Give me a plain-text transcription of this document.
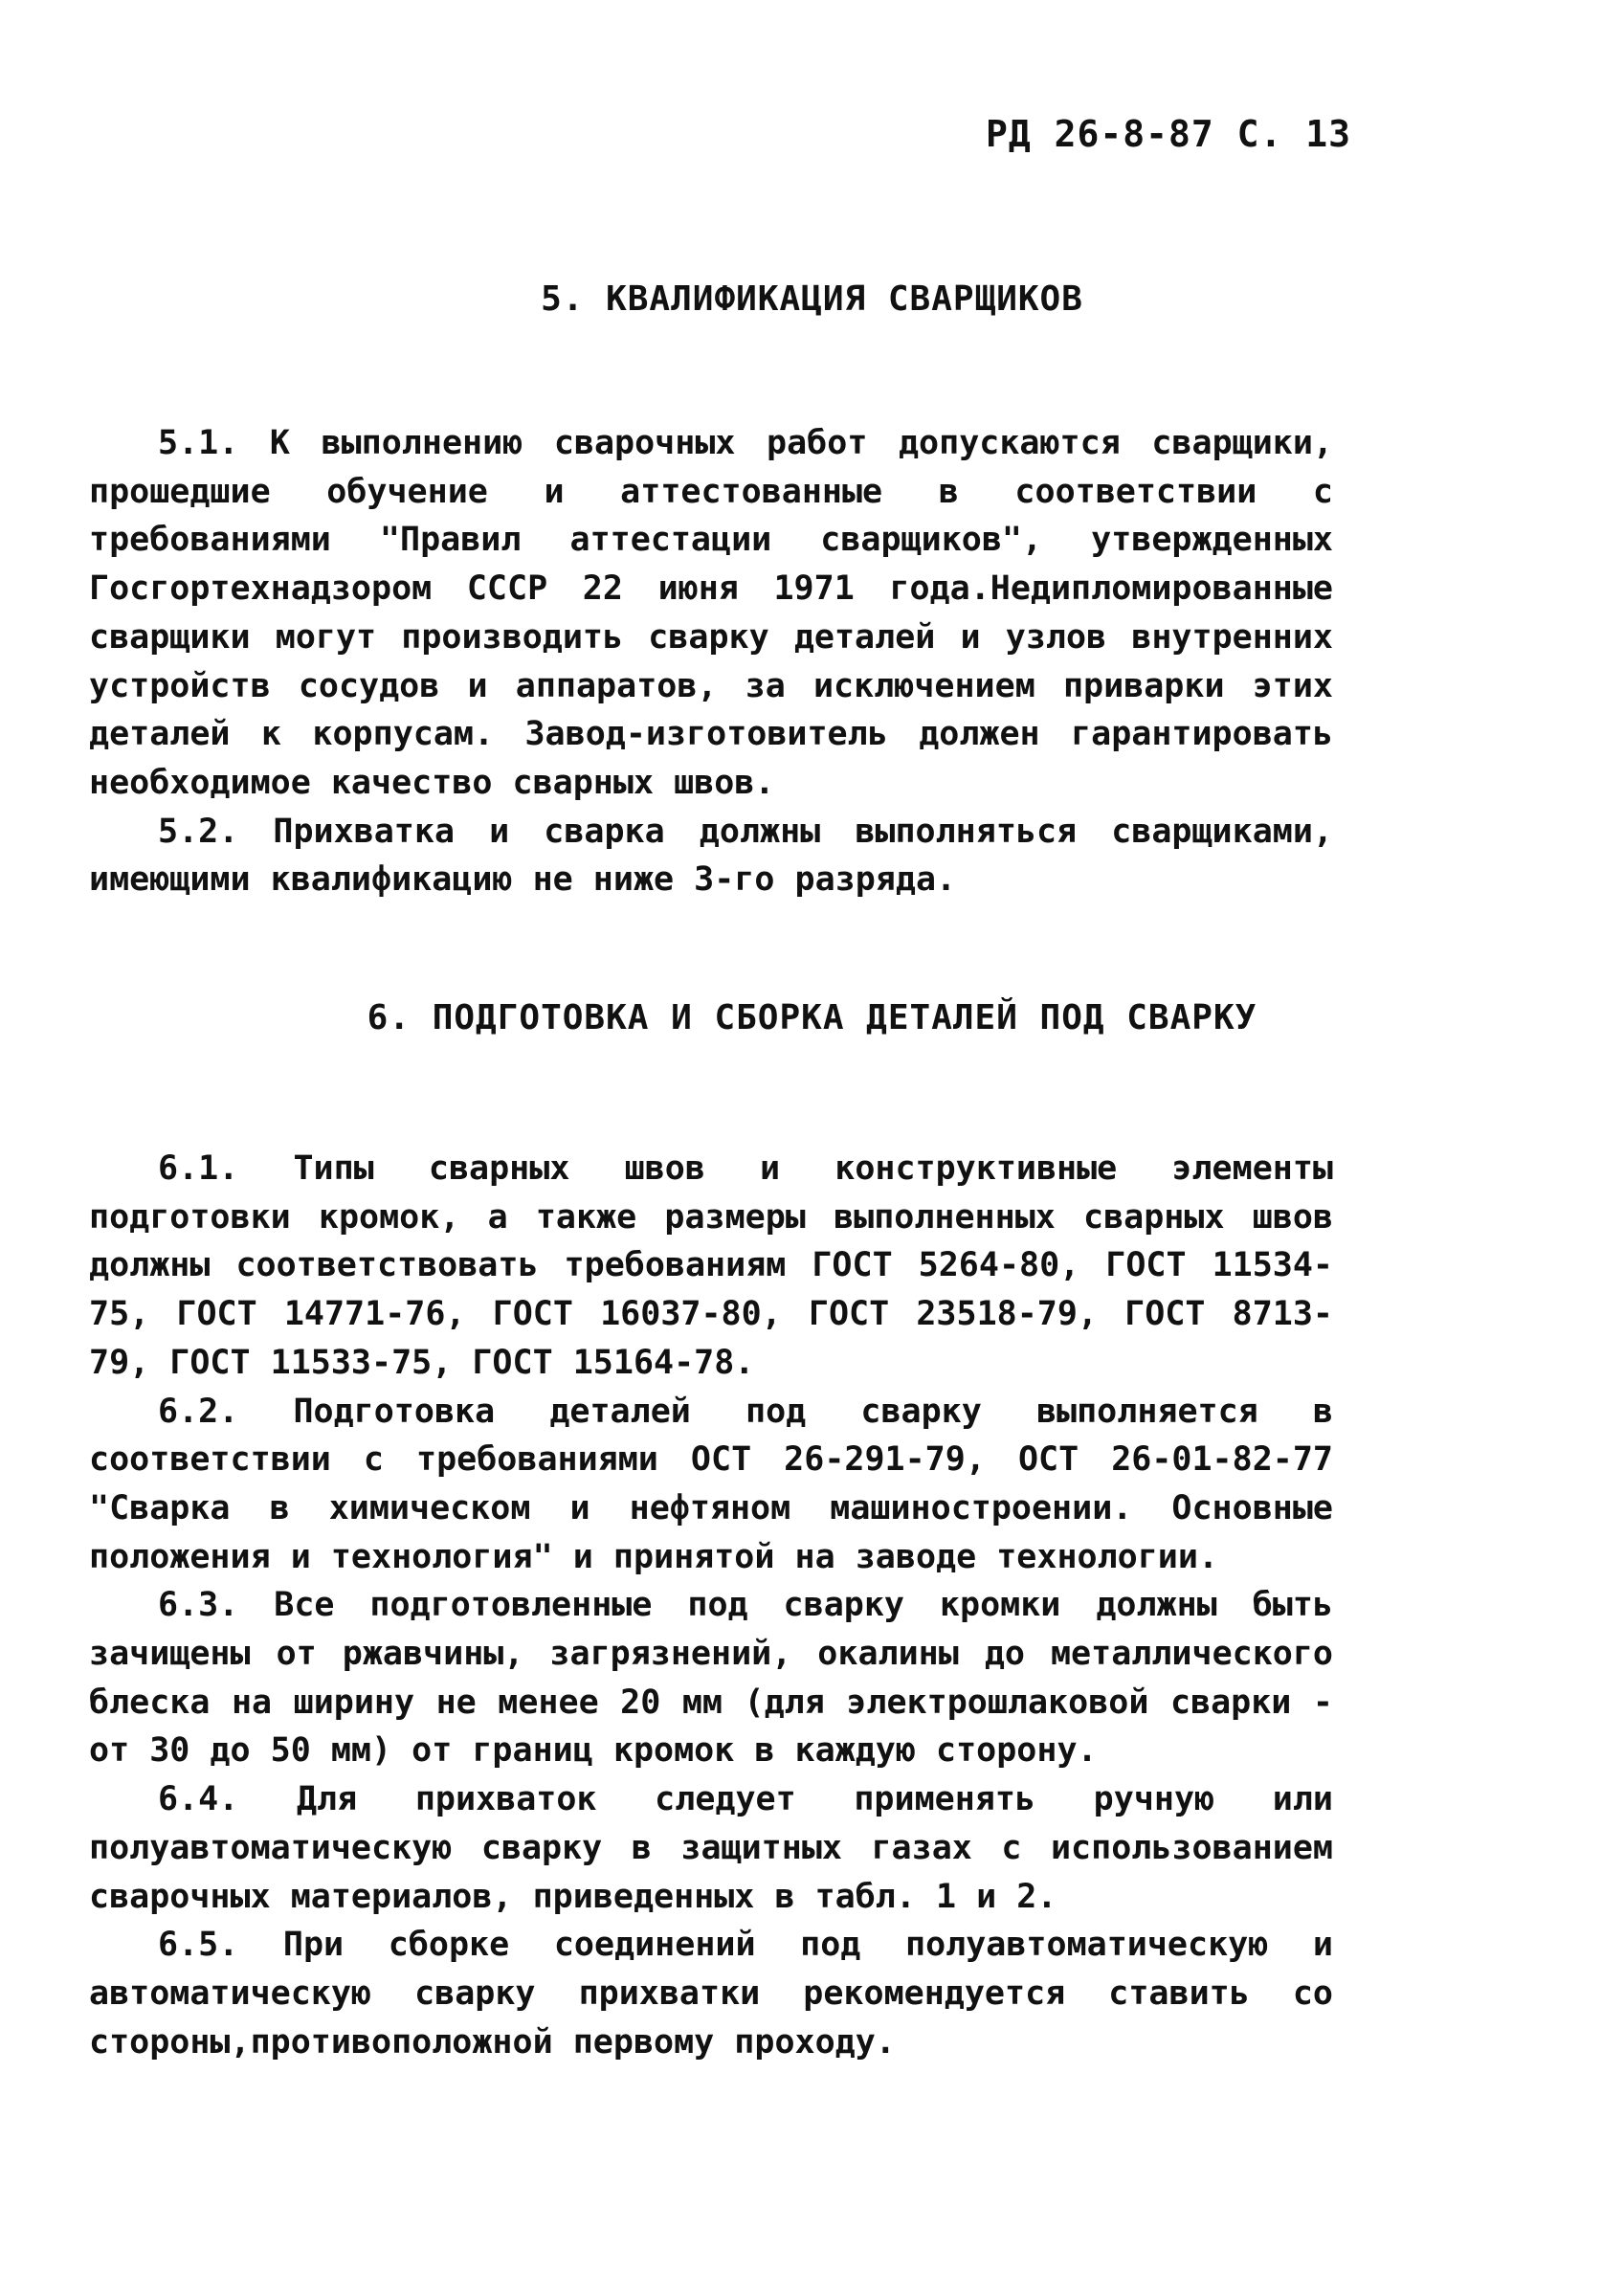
РД 26-8-87 С. 13
5. КВАЛИФИКАЦИЯ СВАРЩИКОВ

5.1. К выполнению сварочных работ допускаются сварщики, прошедшие обучение и аттестованные в соответствии с требованиями "Правил аттестации сварщиков", утвержденных Госгортехнадзором СССР 22 июня 1971 года.Недипломированные сварщики могут производить сварку деталей и узлов внутренних устройств сосудов и аппаратов, за исключением приварки этих деталей к корпусам. Завод-изготовитель должен гарантировать необходимое качество сварных швов.

5.2. Прихватка и сварка должны выполняться сварщиками, имеющими квалификацию не ниже 3-го разряда.

6. ПОДГОТОВКА И СБОРКА ДЕТАЛЕЙ ПОД СВАРКУ

6.1. Типы сварных швов и конструктивные элементы подготовки кромок, а также размеры выполненных сварных швов должны соответствовать требованиям ГОСТ 5264-80, ГОСТ 11534-75, ГОСТ 14771-76, ГОСТ 16037-80, ГОСТ 23518-79, ГОСТ 8713-79, ГОСТ 11533-75, ГОСТ 15164-78.

6.2. Подготовка деталей под сварку выполняется в соответствии с требованиями ОСТ 26-291-79, ОСТ 26-01-82-77 "Сварка в химическом и нефтяном машиностроении. Основные положения и технология" и принятой на заводе технологии.

6.3. Все подготовленные под сварку кромки должны быть зачищены от ржавчины, загрязнений, окалины до металлического блеска на ширину не менее 20 мм (для электрошлаковой сварки - от 30 до 50 мм) от границ кромок в каждую сторону.

6.4. Для прихваток следует применять ручную или полуавтоматическую сварку в защитных газах с использованием сварочных материалов, приведенных в табл. 1 и 2.

6.5. При сборке соединений под полуавтоматическую и автоматическую сварку прихватки рекомендуется ставить со стороны,противоположной первому проходу.
